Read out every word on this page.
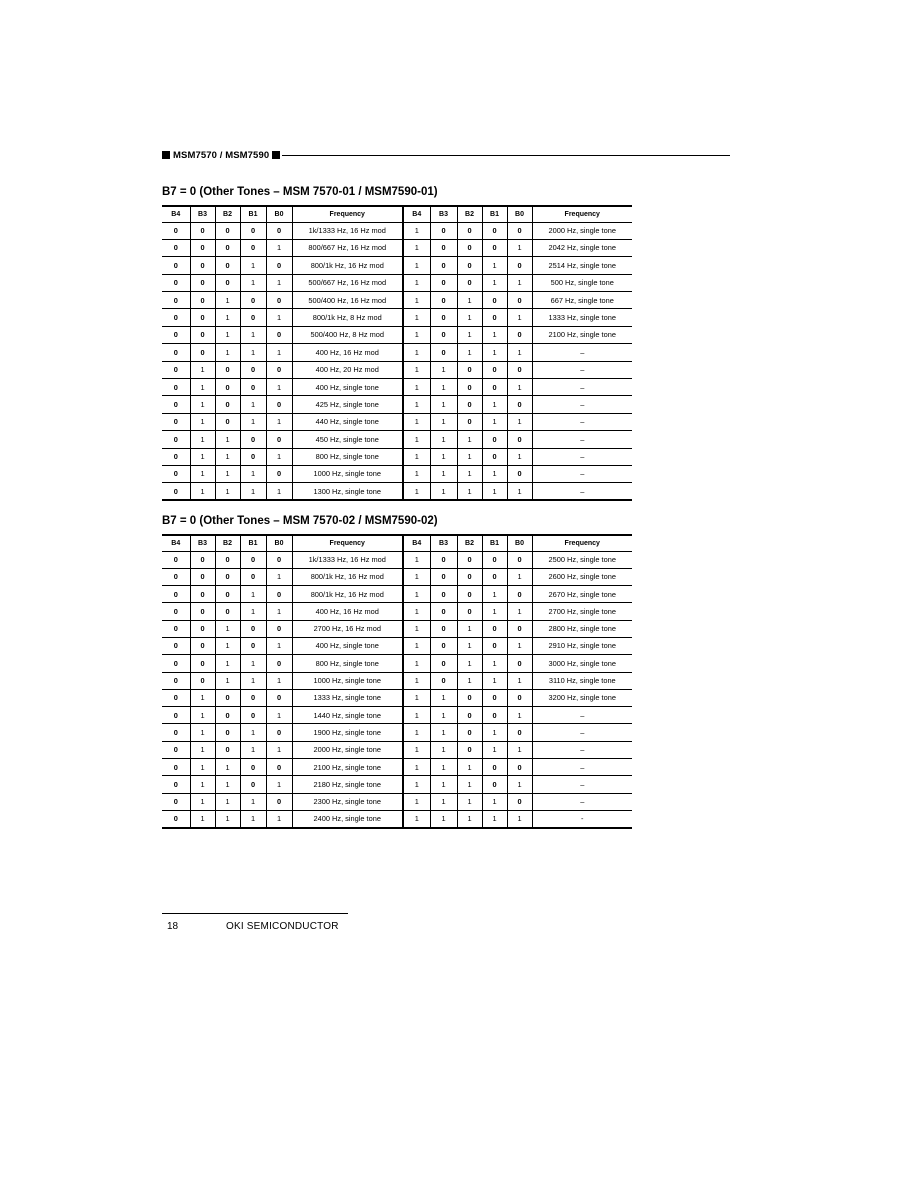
MSM7570 / MSM7590
B7 = 0 (Other Tones – MSM 7570-01 / MSM7590-01)
B4	B3	B2	B1	B0	Frequency	B4	B3	B2	B1	B0	Frequency
0	0	0	0	0	1k/1333 Hz, 16 Hz mod	1	0	0	0	0	2000 Hz, single tone
0	0	0	0	1	800/667 Hz, 16 Hz mod	1	0	0	0	1	2042 Hz, single tone
0	0	0	1	0	800/1k Hz, 16 Hz mod	1	0	0	1	0	2514 Hz, single tone
0	0	0	1	1	500/667 Hz, 16 Hz mod	1	0	0	1	1	500 Hz, single tone
0	0	1	0	0	500/400 Hz, 16 Hz mod	1	0	1	0	0	667 Hz, single tone
0	0	1	0	1	800/1k Hz, 8 Hz mod	1	0	1	0	1	1333 Hz, single tone
0	0	1	1	0	500/400 Hz, 8 Hz mod	1	0	1	1	0	2100 Hz, single tone
0	0	1	1	1	400 Hz, 16 Hz mod	1	0	1	1	1	–
0	1	0	0	0	400 Hz, 20 Hz mod	1	1	0	0	0	–
0	1	0	0	1	400 Hz, single tone	1	1	0	0	1	–
0	1	0	1	0	425 Hz, single tone	1	1	0	1	0	–
0	1	0	1	1	440 Hz, single tone	1	1	0	1	1	–
0	1	1	0	0	450 Hz, single tone	1	1	1	0	0	–
0	1	1	0	1	800 Hz, single tone	1	1	1	0	1	–
0	1	1	1	0	1000 Hz, single tone	1	1	1	1	0	–
0	1	1	1	1	1300 Hz, single tone	1	1	1	1	1	–
B7 = 0 (Other Tones – MSM 7570-02 / MSM7590-02)
B4	B3	B2	B1	B0	Frequency	B4	B3	B2	B1	B0	Frequency
0	0	0	0	0	1k/1333 Hz, 16 Hz mod	1	0	0	0	0	2500 Hz, single tone
0	0	0	0	1	800/1k Hz, 16 Hz mod	1	0	0	0	1	2600 Hz, single tone
0	0	0	1	0	800/1k Hz, 16 Hz mod	1	0	0	1	0	2670 Hz, single tone
0	0	0	1	1	400 Hz, 16 Hz mod	1	0	0	1	1	2700 Hz, single tone
0	0	1	0	0	2700 Hz, 16 Hz mod	1	0	1	0	0	2800 Hz, single tone
0	0	1	0	1	400 Hz, single tone	1	0	1	0	1	2910 Hz, single tone
0	0	1	1	0	800 Hz, single tone	1	0	1	1	0	3000 Hz, single tone
0	0	1	1	1	1000 Hz, single tone	1	0	1	1	1	3110 Hz, single tone
0	1	0	0	0	1333 Hz, single tone	1	1	0	0	0	3200 Hz, single tone
0	1	0	0	1	1440 Hz, single tone	1	1	0	0	1	–
0	1	0	1	0	1900 Hz, single tone	1	1	0	1	0	–
0	1	0	1	1	2000 Hz, single tone	1	1	0	1	1	–
0	1	1	0	0	2100 Hz, single tone	1	1	1	0	0	–
0	1	1	0	1	2180 Hz, single tone	1	1	1	0	1	–
0	1	1	1	0	2300 Hz, single tone	1	1	1	1	0	–
0	1	1	1	1	2400 Hz, single tone	1	1	1	1	1	-
18	OKI SEMICONDUCTOR
